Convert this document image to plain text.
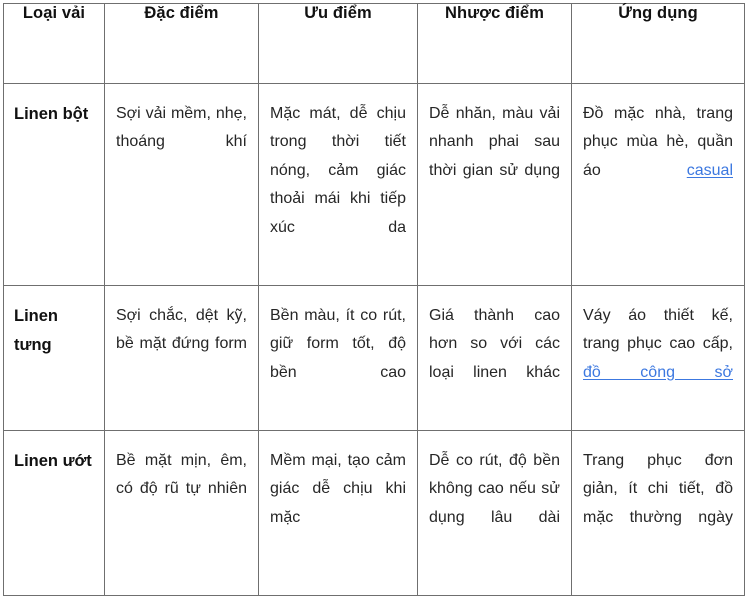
Loại vải	Đặc điểm	Ưu điểm	Nhược điểm	Ứng dụng
Linen bột	Sợi vải mềm, nhẹ, thoáng khí	Mặc mát, dễ chịu trong thời tiết nóng, cảm giác thoải mái khi tiếp xúc da	Dễ nhăn, màu vải nhanh phai sau thời gian sử dụng	Đồ mặc nhà, trang phục mùa hè, quần áo casual

Linen tưng	Sợi chắc, dệt kỹ, bề mặt đứng form	Bền màu, ít co rút, giữ form tốt, độ bền cao	Giá thành cao hơn so với các loại linen khác	Váy áo thiết kế, trang phục cao cấp, đồ công sở

Linen ướt	Bề mặt mịn, êm, có độ rũ tự nhiên	Mềm mại, tạo cảm giác dễ chịu khi mặc	Dễ co rút, độ bền không cao nếu sử dụng lâu dài	Trang phục đơn giản, ít chi tiết, đồ mặc thường ngày
